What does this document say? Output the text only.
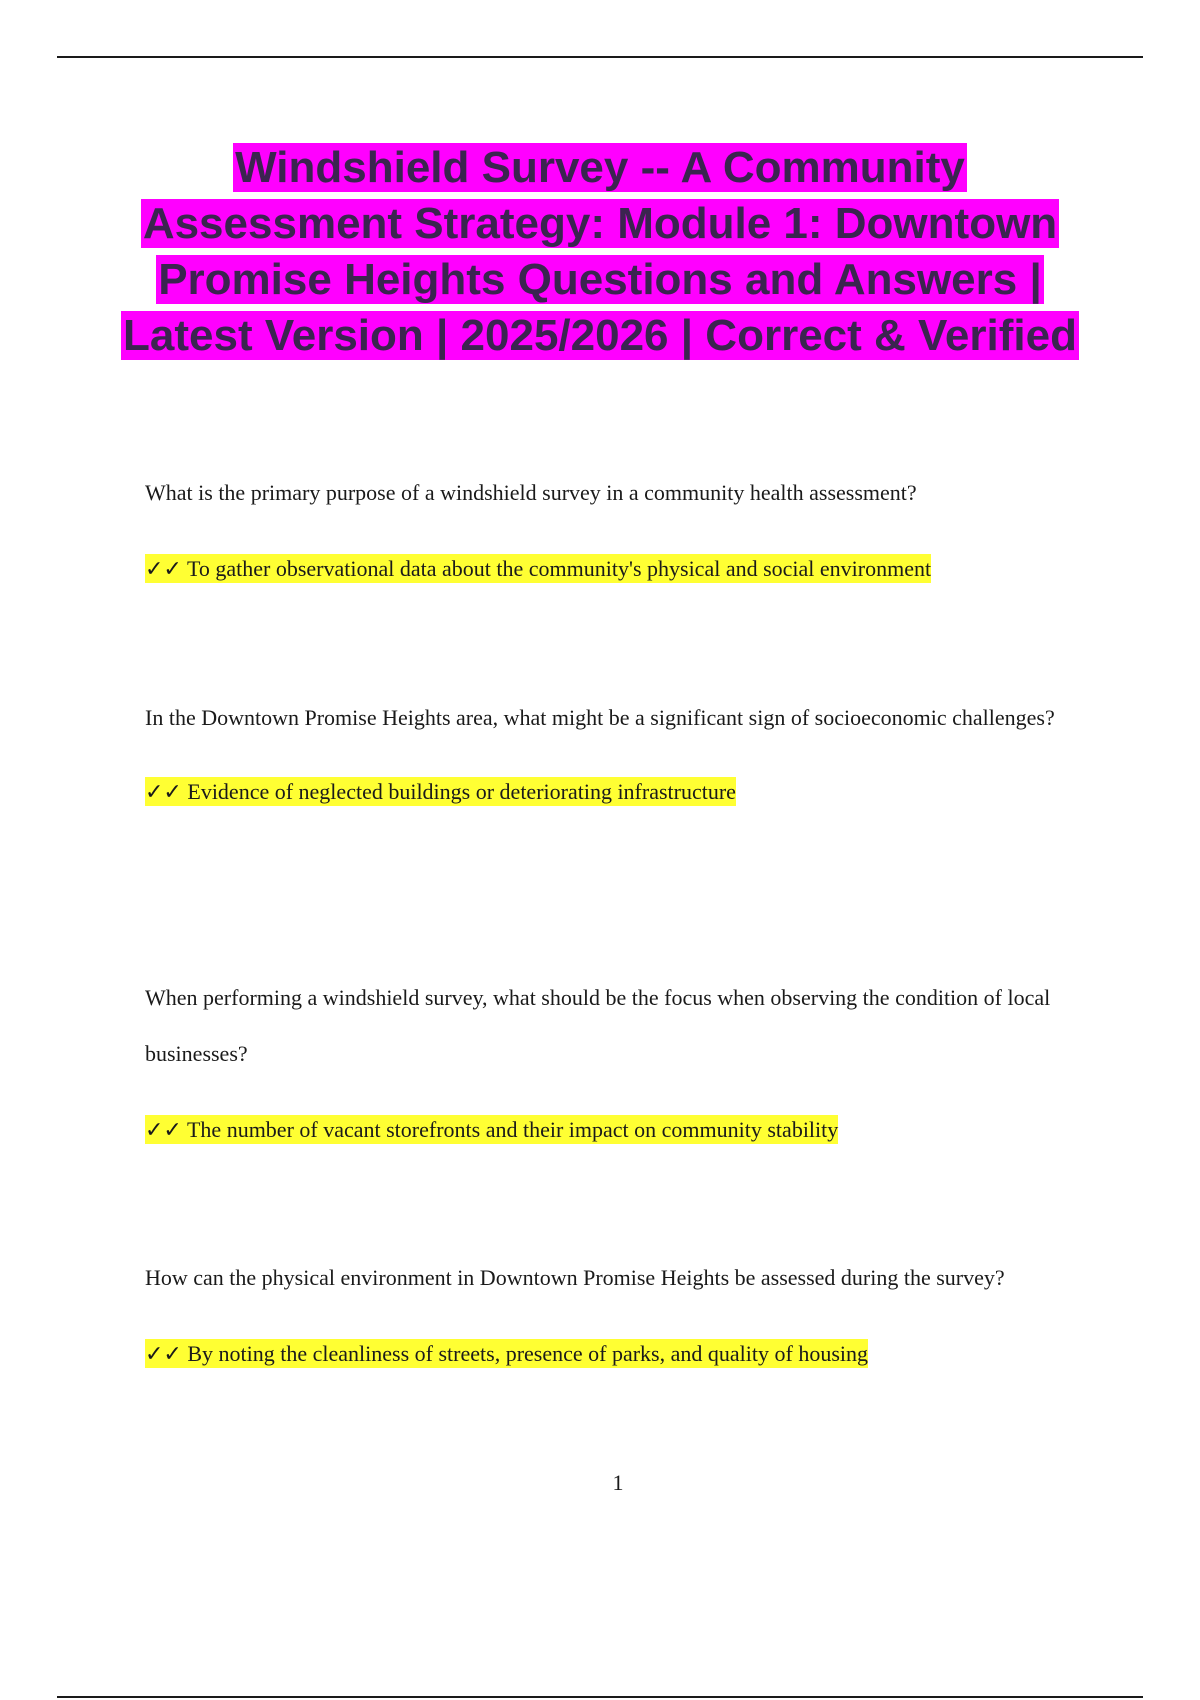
Windshield Survey -- A Community Assessment Strategy: Module 1: Downtown Promise Heights Questions and Answers | Latest Version | 2025/2026 | Correct & Verified

What is the primary purpose of a windshield survey in a community health assessment?

✓✓ To gather observational data about the community's physical and social environment

In the Downtown Promise Heights area, what might be a significant sign of socioeconomic challenges?

✓✓ Evidence of neglected buildings or deteriorating infrastructure

When performing a windshield survey, what should be the focus when observing the condition of local businesses?

✓✓ The number of vacant storefronts and their impact on community stability

How can the physical environment in Downtown Promise Heights be assessed during the survey?

✓✓ By noting the cleanliness of streets, presence of parks, and quality of housing

1
